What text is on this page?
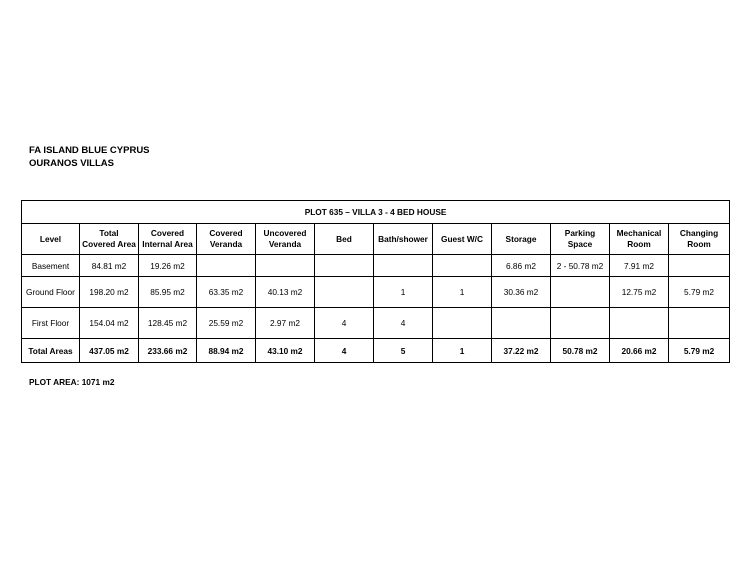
FA ISLAND BLUE CYPRUS
OURANOS VILLAS
PLOT 635 – VILLA 3 - 4 BED HOUSE											
Level	Total Covered Area	Covered Internal Area	Covered Veranda	Uncovered Veranda	Bed	Bath/shower	Guest W/C	Storage	Parking Space	Mechanical Room	Changing Room
Basement	84.81 m2	19.26 m2						6.86 m2	2 - 50.78 m2	7.91 m2	
Ground Floor	198.20 m2	85.95 m2	63.35 m2	40.13 m2		1	1	30.36 m2		12.75 m2	5.79 m2
First Floor	154.04 m2	128.45 m2	25.59 m2	2.97 m2	4	4					
Total Areas	437.05 m2	233.66 m2	88.94 m2	43.10 m2	4	5	1	37.22 m2	50.78 m2	20.66 m2	5.79 m2
PLOT AREA: 1071 m2
